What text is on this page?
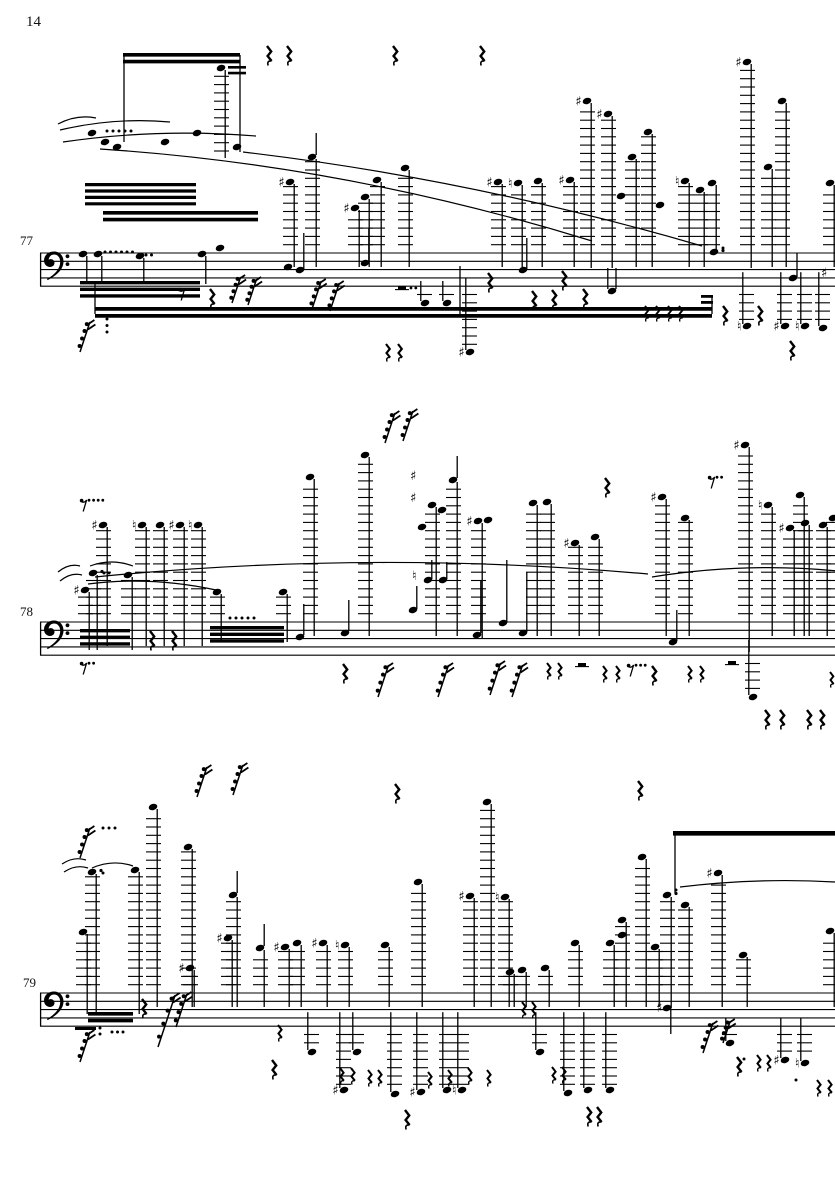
♯
♯
♯ ♮	♯
♯
♯
♮
♯
♯
♮ ♯ ♮
♯
♯
♯	♮ ♯ ♮	♯
♯
♯
♯
♮
♯
♯
♯
♮
♯
♯
♯ ♯ ♮
♯ ♮
♯
♯	♯	♮
♯ ♮
♯
14
77
78
79
